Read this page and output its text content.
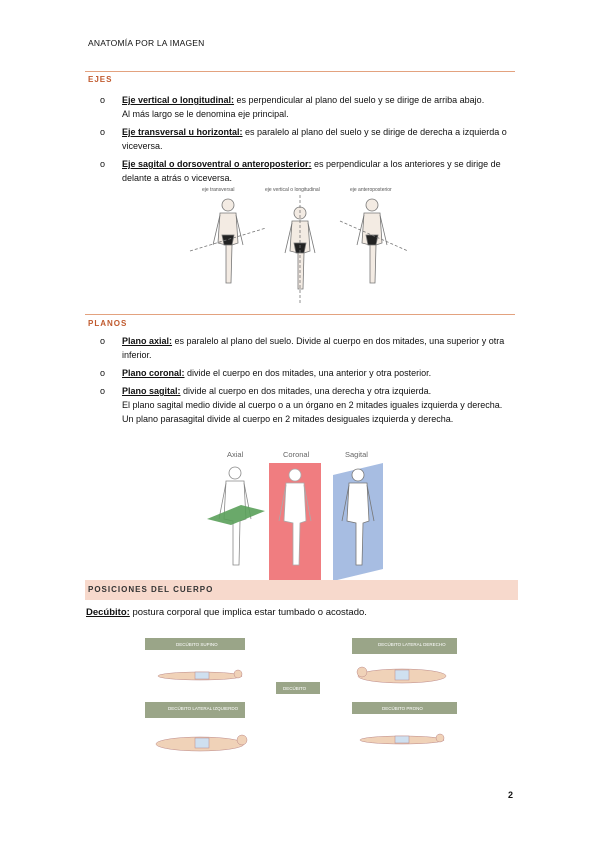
ANATOMÍA POR LA IMAGEN
EJES
o Eje vertical o longitudinal: es perpendicular al plano del suelo y se dirige de arriba abajo.
Al más largo se le denomina eje principal.
o Eje transversal u horizontal: es paralelo al plano del suelo y se dirige de derecha a izquierda o viceversa.
o Eje sagital o dorsoventral o anteroposterior: es perpendicular a los anteriores y se dirige de delante a atrás o viceversa.
eje transversal	eje vertical o longitudinal	eje anteroposterior
PLANOS
o Plano axial: es paralelo al plano del suelo. Divide al cuerpo en dos mitades, una superior y otra inferior.
o Plano coronal: divide el cuerpo en dos mitades, una anterior y otra posterior.
o Plano sagital: divide al cuerpo en dos mitades, una derecha y otra izquierda.
El plano sagital medio divide al cuerpo o a un órgano en 2 mitades iguales izquierda y derecha.
Un plano parasagital divide al cuerpo en 2 mitades desiguales izquierda y derecha.
Axial	Coronal	Sagital
POSICIONES DEL CUERPO
Decúbito: postura corporal que implica estar tumbado o acostado.
DECÚBITO SUPINO	DECÚBITO LATERAL DERECHO
DECÚBITO
DECÚBITO LATERAL IZQUIERDO	DECÚBITO PRONO
2
